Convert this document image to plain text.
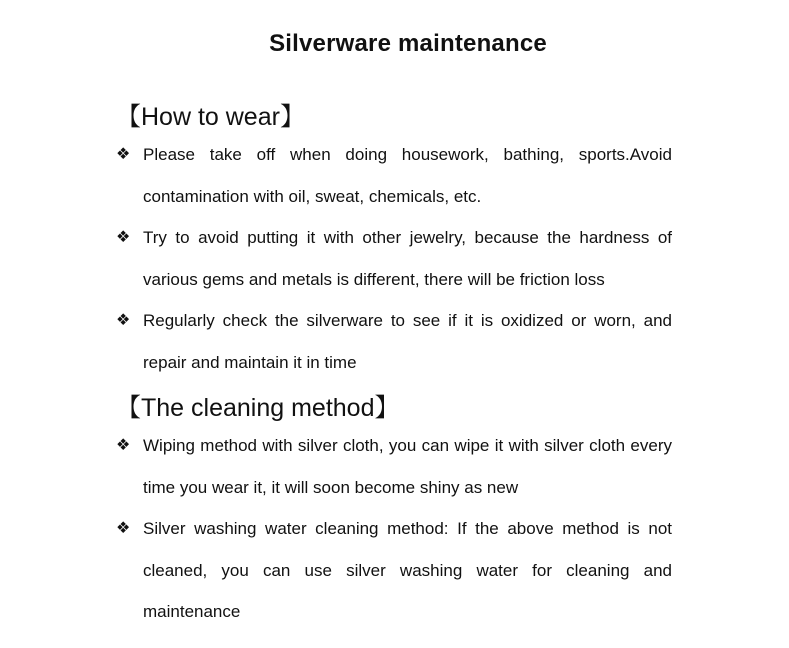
Silverware maintenance
【How to wear】
❖ Please take off when doing housework, bathing, sports.Avoid contamination with oil, sweat, chemicals, etc.
❖ Try to avoid putting it with other jewelry, because the hardness of various gems and metals is different, there will be friction loss
❖ Regularly check the silverware to see if it is oxidized or worn, and repair and maintain it in time
【The cleaning method】
❖ Wiping method with silver cloth, you can wipe it with silver cloth every time you wear it, it will soon become shiny as new
❖ Silver washing water cleaning method: If the above method is not cleaned, you can use silver washing water for cleaning and maintenance
